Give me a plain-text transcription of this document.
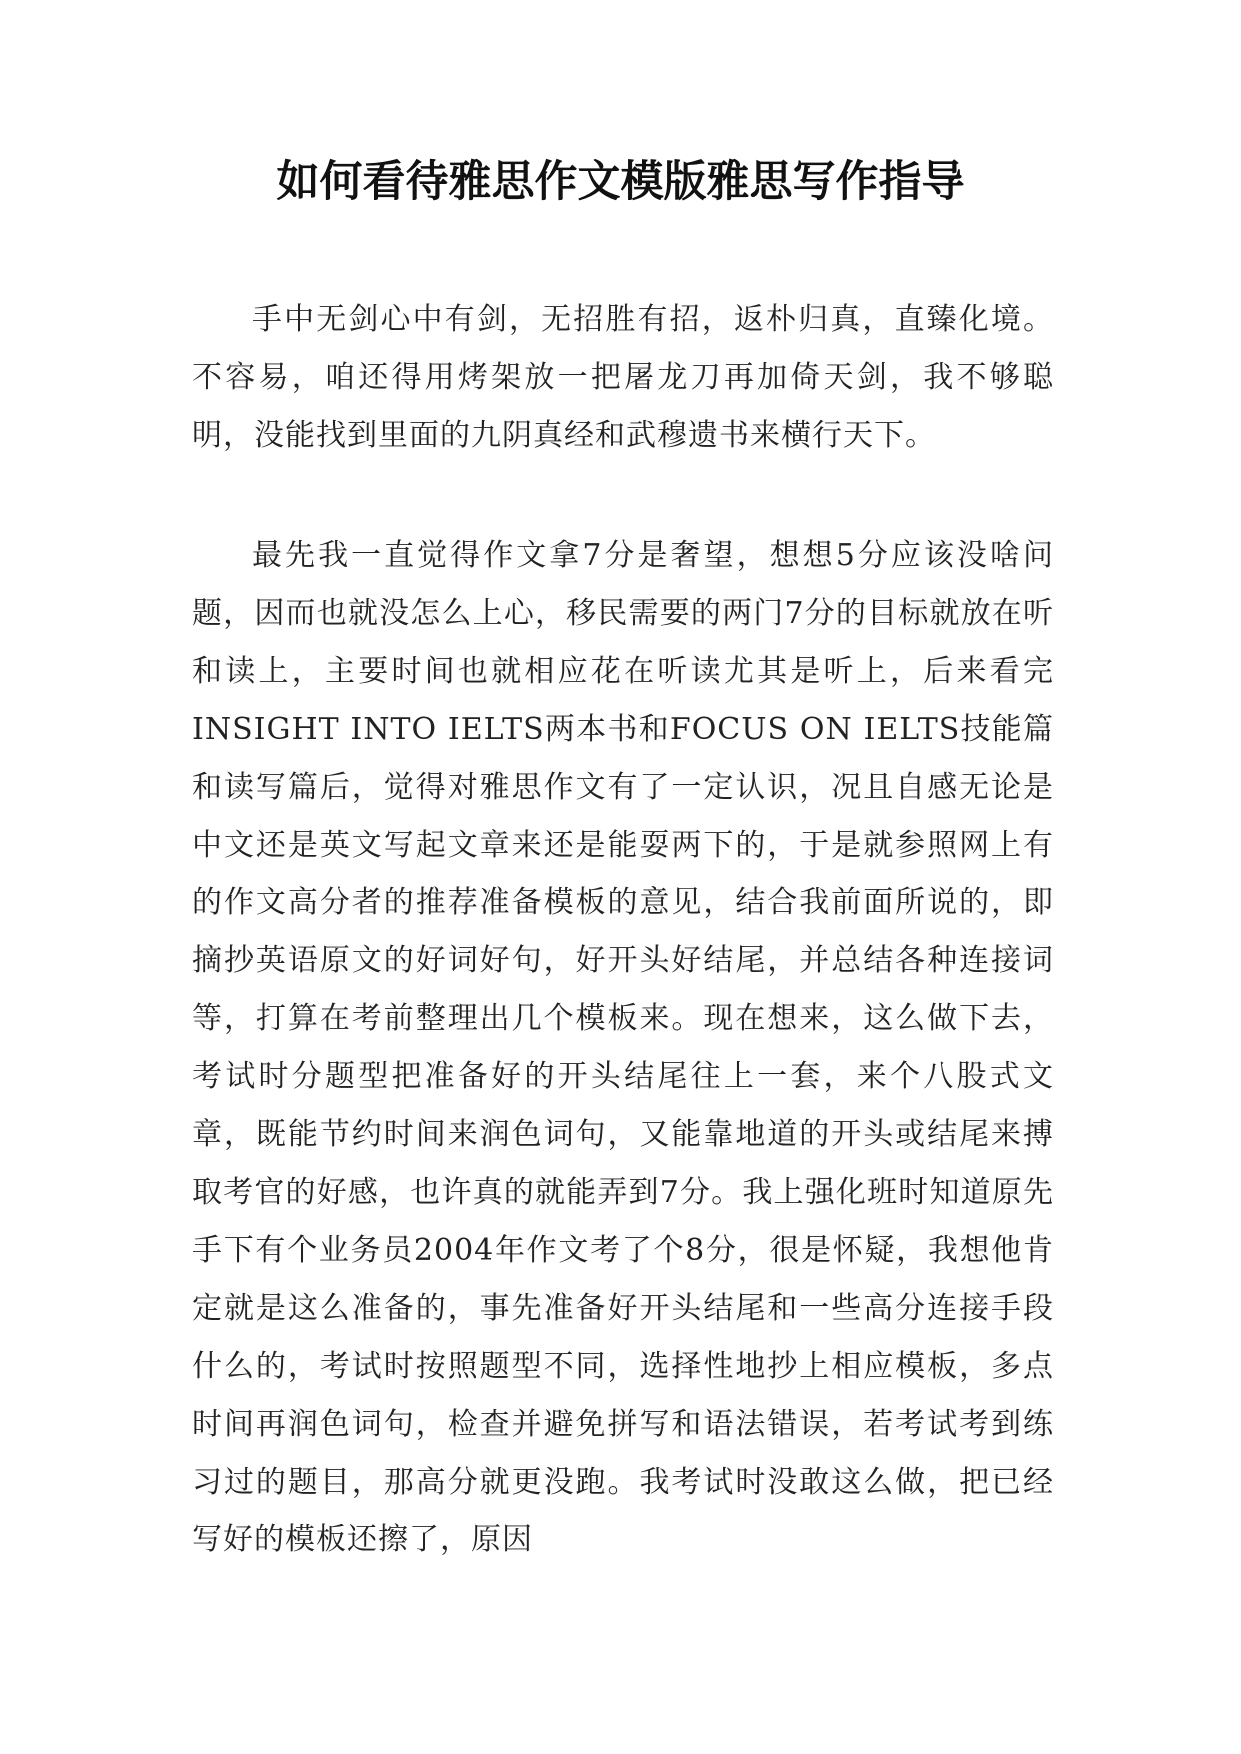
如何看待雅思作文模版雅思写作指导

手中无剑心中有剑，无招胜有招，返朴归真，直臻化境。不容易，咱还得用烤架放一把屠龙刀再加倚天剑，我不够聪明，没能找到里面的九阴真经和武穆遗书来横行天下。

最先我一直觉得作文拿7分是奢望，想想5分应该没啥问题，因而也就没怎么上心，移民需要的两门7分的目标就放在听和读上，主要时间也就相应花在听读尤其是听上，后来看完INSIGHT INTO IELTS两本书和FOCUS ON IELTS技能篇和读写篇后，觉得对雅思作文有了一定认识，况且自感无论是中文还是英文写起文章来还是能耍两下的，于是就参照网上有的作文高分者的推荐准备模板的意见，结合我前面所说的，即摘抄英语原文的好词好句，好开头好结尾，并总结各种连接词等，打算在考前整理出几个模板来。现在想来，这么做下去，考试时分题型把准备好的开头结尾往上一套，来个八股式文章，既能节约时间来润色词句，又能靠地道的开头或结尾来搏取考官的好感，也许真的就能弄到7分。我上强化班时知道原先手下有个业务员2004年作文考了个8分，很是怀疑，我想他肯定就是这么准备的，事先准备好开头结尾和一些高分连接手段什么的，考试时按照题型不同，选择性地抄上相应模板，多点时间再润色词句，检查并避免拼写和语法错误，若考试考到练习过的题目，那高分就更没跑。我考试时没敢这么做，把已经写好的模板还擦了，原因
